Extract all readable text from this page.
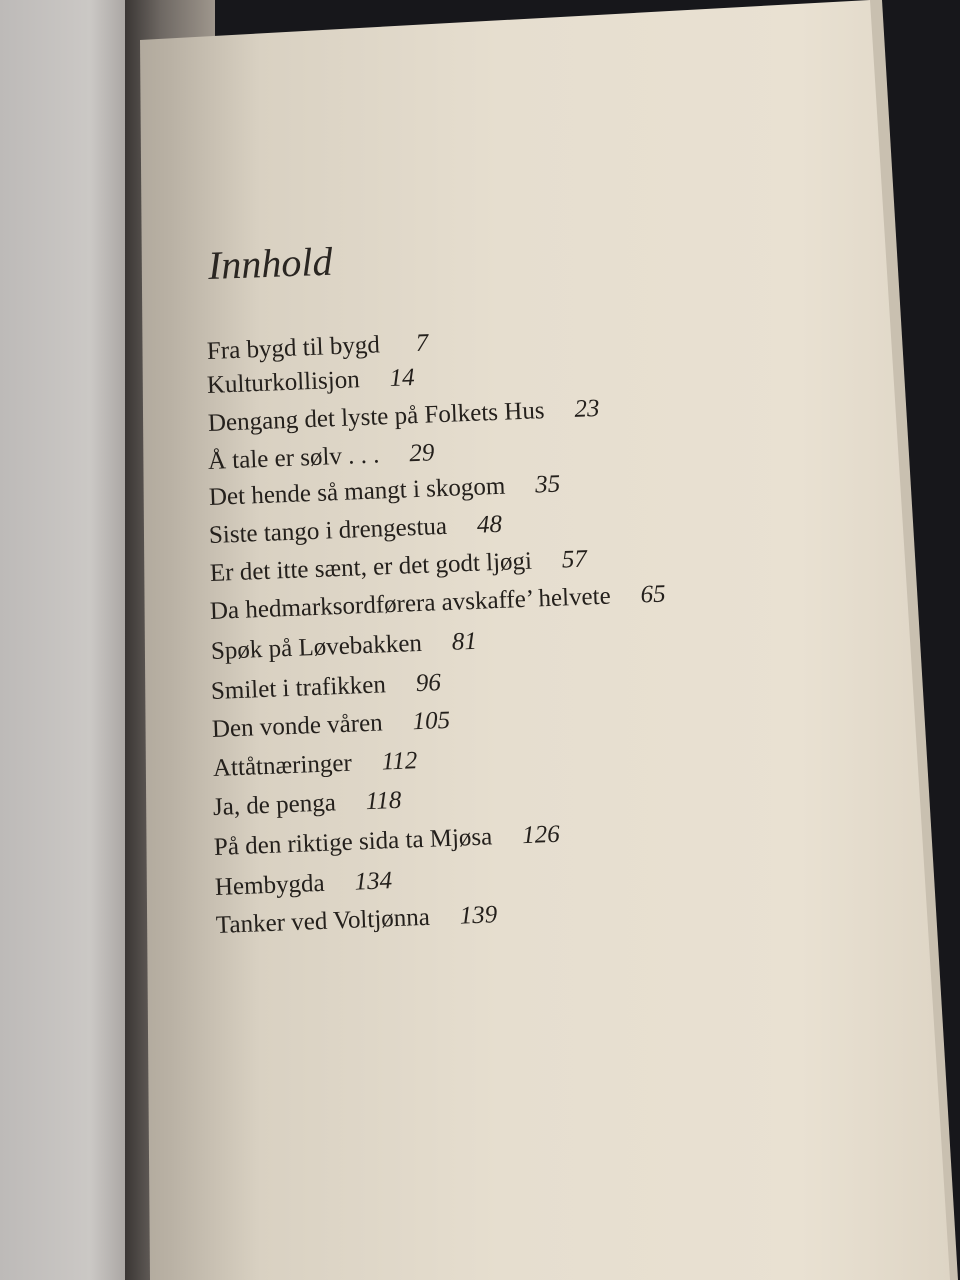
Innhold
Fra bygd til bygd 7
Kulturkollisjon 14
Dengang det lyste på Folkets Hus 23
Å tale er sølv . . . 29
Det hende så mangt i skogom 35
Siste tango i drengestua 48
Er det itte sænt, er det godt ljøgi 57
Da hedmarksordførera avskaffe’ helvete 65
Spøk på Løvebakken 81
Smilet i trafikken 96
Den vonde våren 105
Attåtnæringer 112
Ja, de penga 118
På den riktige sida ta Mjøsa 126
Hembygda 134
Tanker ved Voltjønna 139
